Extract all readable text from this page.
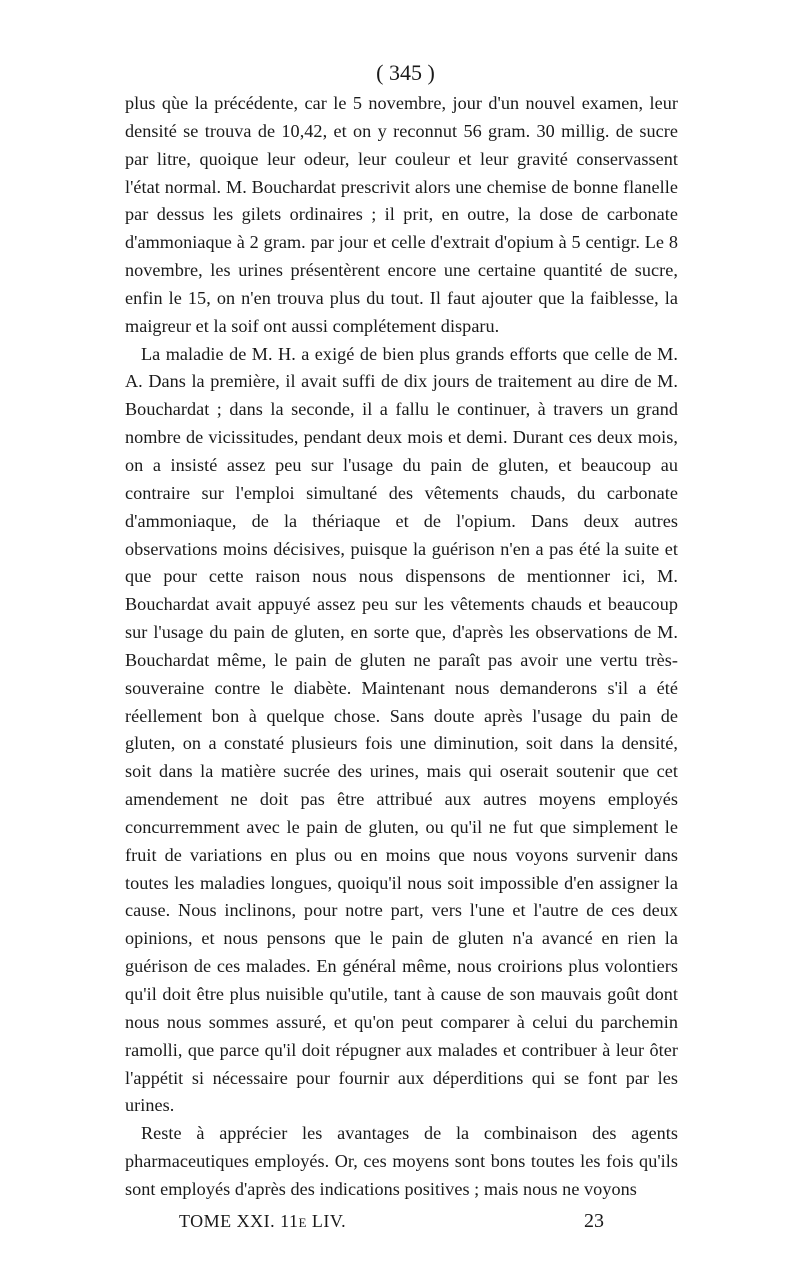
( 345 )

plus qùe la précédente, car le 5 novembre, jour d'un nouvel examen, leur densité se trouva de 10,42, et on y reconnut 56 gram. 30 millig. de sucre par litre, quoique leur odeur, leur couleur et leur gravité conservassent l'état normal. M. Bouchardat prescrivit alors une chemise de bonne flanelle par dessus les gilets ordinaires ; il prit, en outre, la dose de carbonate d'ammoniaque à 2 gram. par jour et celle d'extrait d'opium à 5 centigr. Le 8 novembre, les urines présentèrent encore une certaine quantité de sucre, enfin le 15, on n'en trouva plus du tout. Il faut ajouter que la faiblesse, la maigreur et la soif ont aussi complétement disparu.

La maladie de M. H. a exigé de bien plus grands efforts que celle de M. A. Dans la première, il avait suffi de dix jours de traitement au dire de M. Bouchardat ; dans la seconde, il a fallu le continuer, à travers un grand nombre de vicissitudes, pendant deux mois et demi. Durant ces deux mois, on a insisté assez peu sur l'usage du pain de gluten, et beaucoup au contraire sur l'emploi simultané des vêtements chauds, du carbonate d'ammoniaque, de la thériaque et de l'opium. Dans deux autres observations moins décisives, puisque la guérison n'en a pas été la suite et que pour cette raison nous nous dispensons de mentionner ici, M. Bouchardat avait appuyé assez peu sur les vêtements chauds et beaucoup sur l'usage du pain de gluten, en sorte que, d'après les observations de M. Bouchardat même, le pain de gluten ne paraît pas avoir une vertu très-souveraine contre le diabète. Maintenant nous demanderons s'il a été réellement bon à quelque chose. Sans doute après l'usage du pain de gluten, on a constaté plusieurs fois une diminution, soit dans la densité, soit dans la matière sucrée des urines, mais qui oserait soutenir que cet amendement ne doit pas être attribué aux autres moyens employés concurremment avec le pain de gluten, ou qu'il ne fut que simplement le fruit de variations en plus ou en moins que nous voyons survenir dans toutes les maladies longues, quoiqu'il nous soit impossible d'en assigner la cause. Nous inclinons, pour notre part, vers l'une et l'autre de ces deux opinions, et nous pensons que le pain de gluten n'a avancé en rien la guérison de ces malades. En général même, nous croirions plus volontiers qu'il doit être plus nuisible qu'utile, tant à cause de son mauvais goût dont nous nous sommes assuré, et qu'on peut comparer à celui du parchemin ramolli, que parce qu'il doit répugner aux malades et contribuer à leur ôter l'appétit si nécessaire pour fournir aux déperditions qui se font par les urines.

Reste à apprécier les avantages de la combinaison des agents pharmaceutiques employés. Or, ces moyens sont bons toutes les fois qu'ils sont employés d'après des indications positives ; mais nous ne voyons

TOME XXI. 11e LIV.	23
